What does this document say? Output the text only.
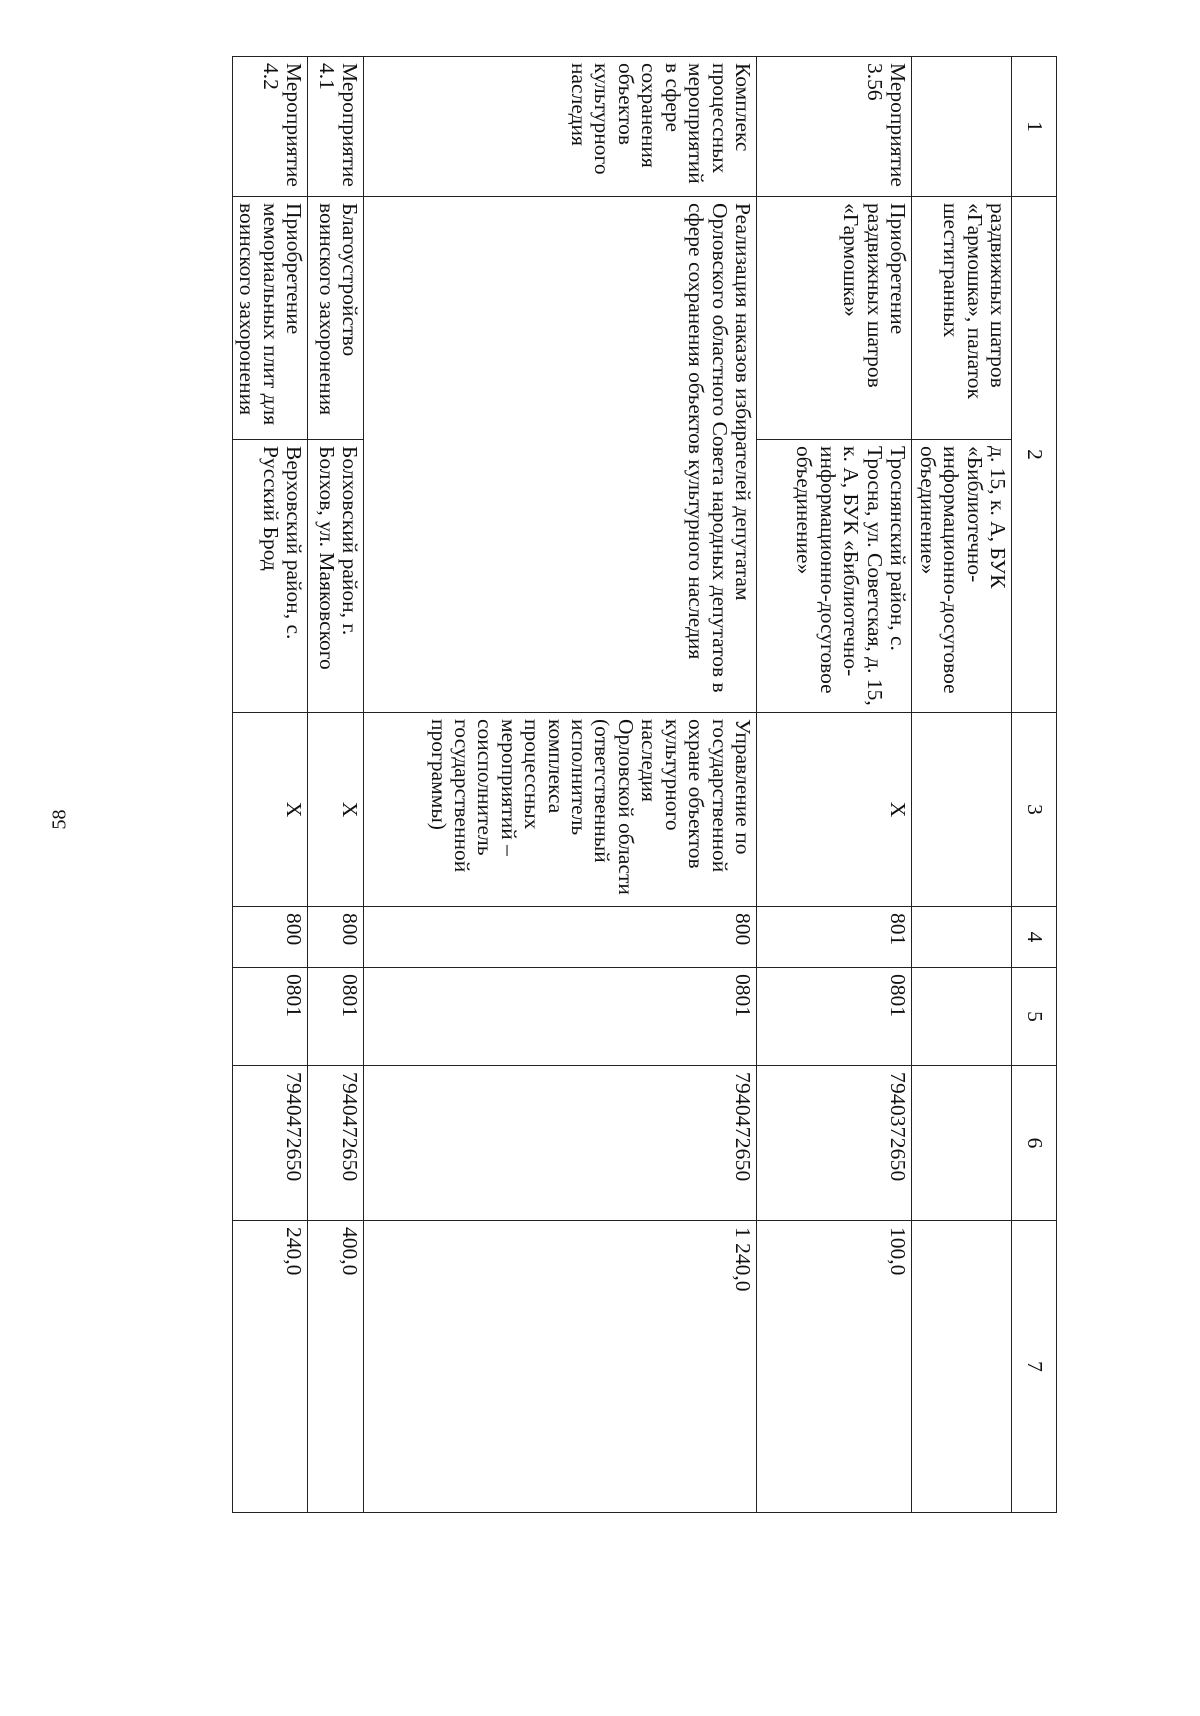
58
1	2		3	4	5	6	7
	раздвижных шатров «Гармошка», палаток шестигранных	д. 15, к. А, БУК «Библиотечно-информационно-досуговое объединение»					
Мероприятие 3.56	Приобретение раздвижных шатров «Гармошка»	Троснянский район, с. Тросна, ул. Советская, д. 15, к. А, БУК «Библиотечно-информационно-досуговое объединение»	Х	801	0801	7940372650	100,0
Комплекс процессных мероприятий в сфере сохранения объектов культурного наследия	Реализация наказов избирателей депутатам Орловского областного Совета народных депутатов в сфере сохранения объектов культурного наследия		Управление по государственной охране объектов культурного наследия Орловской области (ответственный исполнитель комплекса процессных мероприятий – соисполнитель государственной программы)	800	0801	7940472650	1 240,0
Мероприятие 4.1	Благоустройство воинского захоронения	Болховский район, г. Болхов, ул. Маяковского	Х	800	0801	7940472650	400,0
Мероприятие 4.2	Приобретение мемориальных плит для воинского захоронения	Верховский район, с. Русский Брод	Х	800	0801	7940472650	240,0
